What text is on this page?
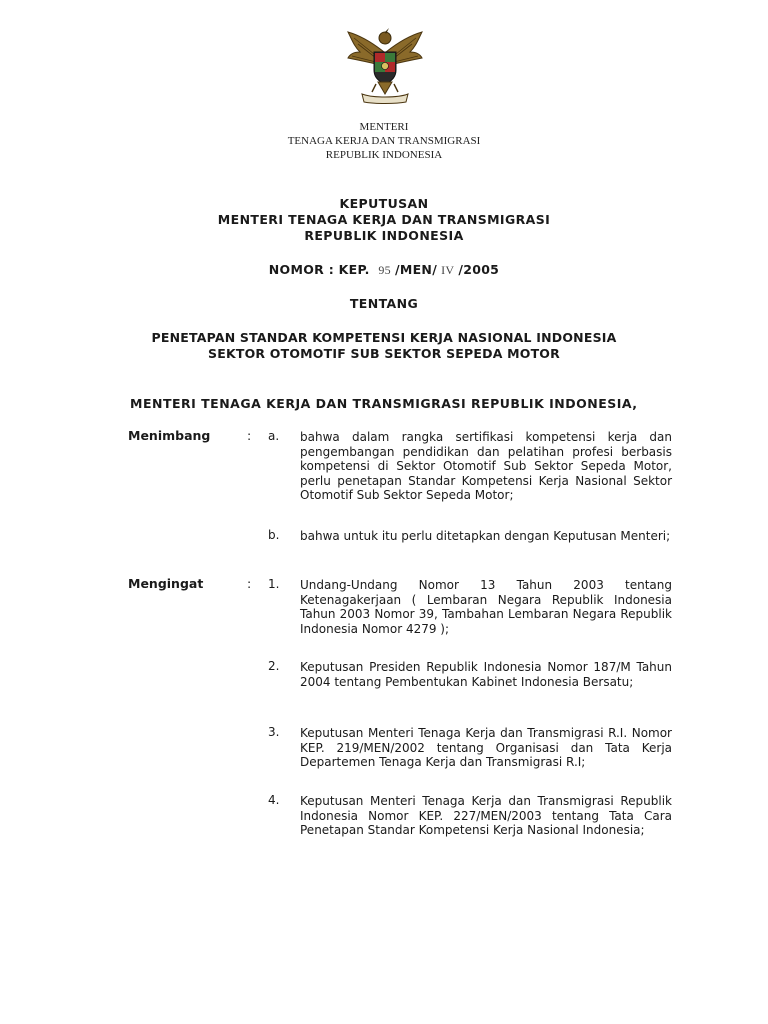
MENTERI
TENAGA KERJA DAN TRANSMIGRASI
REPUBLIK INDONESIA
KEPUTUSAN
MENTERI TENAGA KERJA DAN TRANSMIGRASI
REPUBLIK INDONESIA
NOMOR : KEP. 95 /MEN/ IV /2005
TENTANG
PENETAPAN STANDAR KOMPETENSI KERJA NASIONAL INDONESIA
SEKTOR OTOMOTIF SUB SEKTOR SEPEDA MOTOR
MENTERI TENAGA KERJA DAN TRANSMIGRASI REPUBLIK INDONESIA,
Menimbang	: a. bahwa dalam rangka sertifikasi kompetensi kerja dan pengembangan pendidikan dan pelatihan profesi berbasis kompetensi di Sektor Otomotif Sub Sektor Sepeda Motor, perlu penetapan Standar Kompetensi Kerja Nasional Sektor Otomotif Sub Sektor Sepeda Motor;
b. bahwa untuk itu perlu ditetapkan dengan Keputusan Menteri;
Mengingat	: 1. Undang-Undang Nomor 13 Tahun 2003 tentang Ketenagakerjaan ( Lembaran Negara Republik Indonesia Tahun 2003 Nomor 39, Tambahan Lembaran Negara Republik Indonesia Nomor 4279 );
2. Keputusan Presiden Republik Indonesia Nomor 187/M Tahun 2004 tentang Pembentukan Kabinet Indonesia Bersatu;
3. Keputusan Menteri Tenaga Kerja dan Transmigrasi R.I. Nomor KEP. 219/MEN/2002 tentang Organisasi dan Tata Kerja Departemen Tenaga Kerja dan Transmigrasi R.I;
4. Keputusan Menteri Tenaga Kerja dan Transmigrasi Republik Indonesia Nomor KEP. 227/MEN/2003 tentang Tata Cara Penetapan Standar Kompetensi Kerja Nasional Indonesia;
